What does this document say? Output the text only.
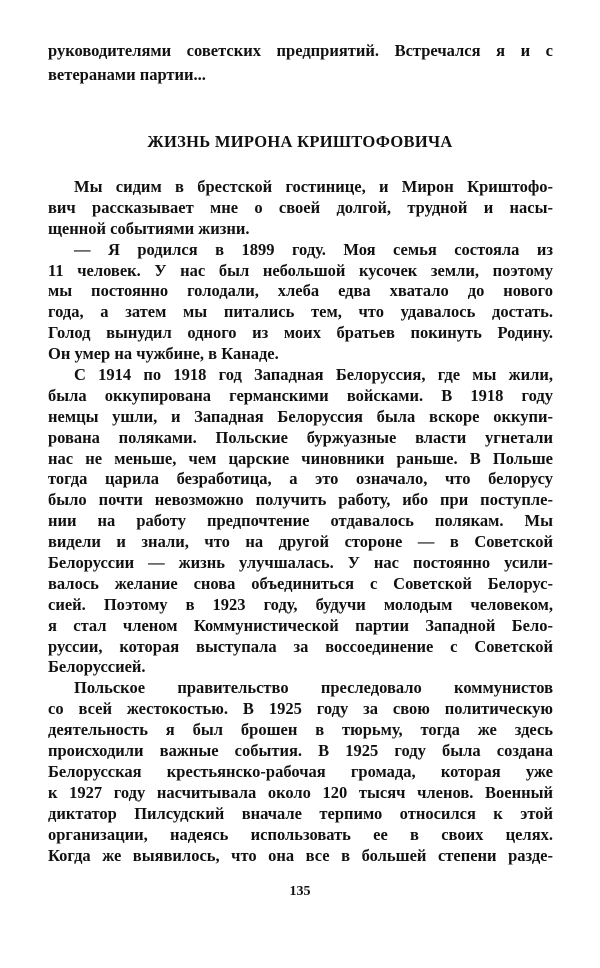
руководителями советских предприятий. Встречался я и с
ветеранами партии...
ЖИЗНЬ МИРОНА КРИШТОФОВИЧА
Мы сидим в брестской гостинице, и Мирон Криштофо-
вич рассказывает мне о своей долгой, трудной и насы-
щенной событиями жизни.
— Я родился в 1899 году. Моя семья состояла из
11 человек. У нас был небольшой кусочек земли, поэтому
мы постоянно голодали, хлеба едва хватало до нового
года, а затем мы питались тем, что удавалось достать.
Голод вынудил одного из моих братьев покинуть Родину.
Он умер на чужбине, в Канаде.
С 1914 по 1918 год Западная Белоруссия, где мы жили,
была оккупирована германскими войсками. В 1918 году
немцы ушли, и Западная Белоруссия была вскоре оккупи-
рована поляками. Польские буржуазные власти угнетали
нас не меньше, чем царские чиновники раньше. В Польше
тогда царила безработица, а это означало, что белорусу
было почти невозможно получить работу, ибо при поступле-
нии на работу предпочтение отдавалось полякам. Мы
видели и знали, что на другой стороне — в Советской
Белоруссии — жизнь улучшалась. У нас постоянно усили-
валось желание снова объединиться с Советской Белорус-
сией. Поэтому в 1923 году, будучи молодым человеком,
я стал членом Коммунистической партии Западной Бело-
руссии, которая выступала за воссоединение с Советской
Белоруссией.
Польское правительство преследовало коммунистов
со всей жестокостью. В 1925 году за свою политическую
деятельность я был брошен в тюрьму, тогда же здесь
происходили важные события. В 1925 году была создана
Белорусская крестьянско-рабочая громада, которая уже
к 1927 году насчитывала около 120 тысяч членов. Военный
диктатор Пилсудский вначале терпимо относился к этой
организации, надеясь использовать ее в своих целях.
Когда же выявилось, что она все в большей степени разде-
135
